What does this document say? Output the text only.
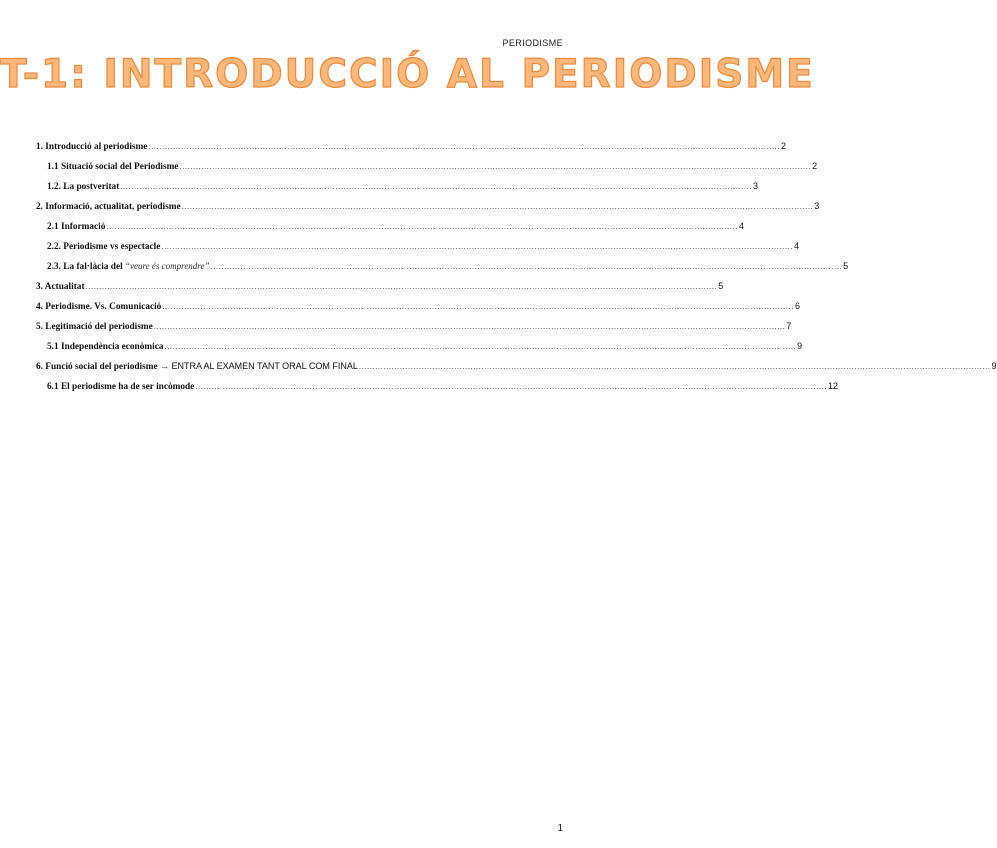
PERIODISME
T-1: INTRODUCCIÓ AL PERIODISME
1. Introducció al periodisme .....	2
1.1 Situació social del Periodisme .....	2
1.2. La postveritat .....	3
2. Informació, actualitat, periodisme .....	3
2.1 Informació .....	4
2.2. Periodisme vs espectacle .....	4
2.3. La fal·làcia del “veure és comprendre” .....	5
3. Actualitat .....	5
4. Periodisme. Vs. Comunicació .....	6
5. Legitimació del periodisme .....	7
5.1 Independència econòmica .....	9
6. Funció social del periodisme → ENTRA AL EXAMEN TANT ORAL COM FINAL .....	9
6.1 El periodisme ha de ser incòmode .....	12
1
